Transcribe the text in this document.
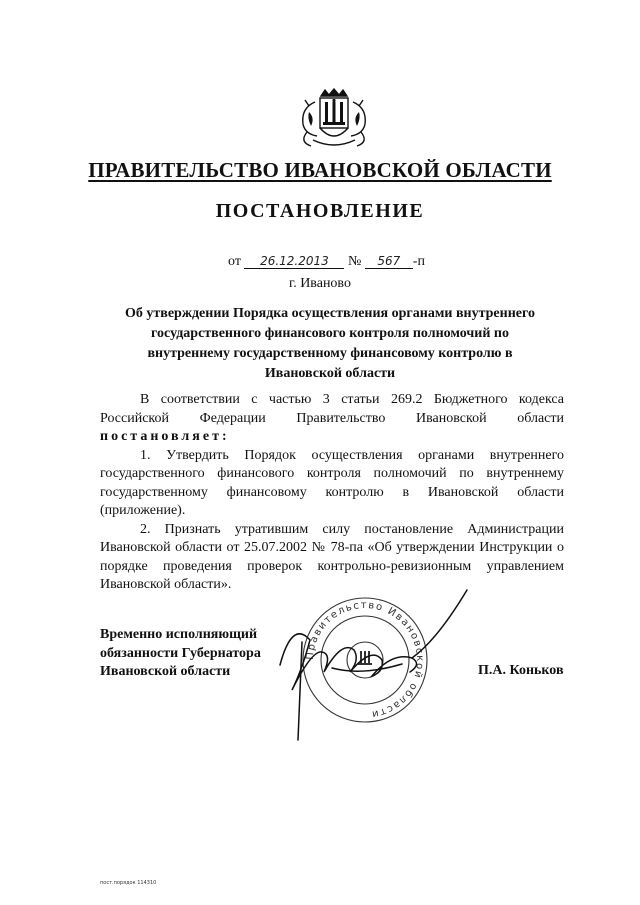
ПРАВИТЕЛЬСТВО ИВАНОВСКОЙ ОБЛАСТИ
ПОСТАНОВЛЕНИЕ
от 26.12.2013 № 567 -п
г. Иваново
Об утверждении Порядка осуществления органами внутреннего государственного финансового контроля полномочий по внутреннему государственному финансовому контролю в Ивановской области

В соответствии с частью 3 статьи 269.2 Бюджетного кодекса Российской Федерации Правительство Ивановской области постановляет:

1. Утвердить Порядок осуществления органами внутреннего государственного финансового контроля полномочий по внутреннему государственному финансовому контролю в Ивановской области (приложение).

2. Признать утратившим силу постановление Администрации Ивановской области от 25.07.2002 № 78-па «Об утверждении Инструкции о порядке проведения проверок контрольно-ревизионным управлением Ивановской области».

Правительство Ивановской области
Временно исполняющий
обязанности Губернатора
Ивановской области	П.А. Коньков
пост.порядок 114310
